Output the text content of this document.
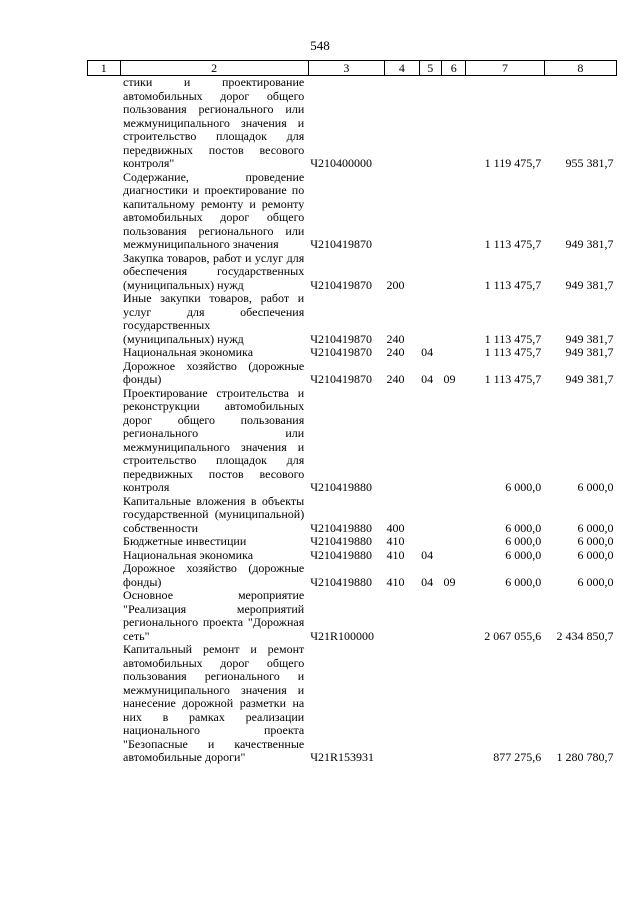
548
1	2	3	4	5	6	7	8
	стики и проектирование автомобильных дорог общего пользования регионального или межмуниципального значения и строительство площадок для передвижных постов весового контроля"	Ч210400000				1 119 475,7	955 381,7
	Содержание, проведение диагностики и проектирование по капитальному ремонту и ремонту автомобильных дорог общего пользования регионального или межмуниципального значения	Ч210419870				1 113 475,7	949 381,7
	Закупка товаров, работ и услуг для обеспечения государственных (муниципальных) нужд	Ч210419870	200			1 113 475,7	949 381,7
	Иные закупки товаров, работ и услуг для обеспечения государственных (муниципальных) нужд	Ч210419870	240			1 113 475,7	949 381,7
	Национальная экономика	Ч210419870	240	04		1 113 475,7	949 381,7
	Дорожное хозяйство (дорожные фонды)	Ч210419870	240	04	09	1 113 475,7	949 381,7
	Проектирование строительства и реконструкции автомобильных дорог общего пользования регионального или межмуниципального значения и строительство площадок для передвижных постов весового контроля	Ч210419880				6 000,0	6 000,0
	Капитальные вложения в объекты государственной (муниципальной) собственности	Ч210419880	400			6 000,0	6 000,0
	Бюджетные инвестиции	Ч210419880	410			6 000,0	6 000,0
	Национальная экономика	Ч210419880	410	04		6 000,0	6 000,0
	Дорожное хозяйство (дорожные фонды)	Ч210419880	410	04	09	6 000,0	6 000,0
	Основное мероприятие "Реализация мероприятий регионального проекта "Дорожная сеть"	Ч21R100000				2 067 055,6	2 434 850,7
	Капитальный ремонт и ремонт автомобильных дорог общего пользования регионального и межмуниципального значения и нанесение дорожной разметки на них в рамках реализации национального проекта "Безопасные и качественные автомобильные дороги"	Ч21R153931				877 275,6	1 280 780,7
